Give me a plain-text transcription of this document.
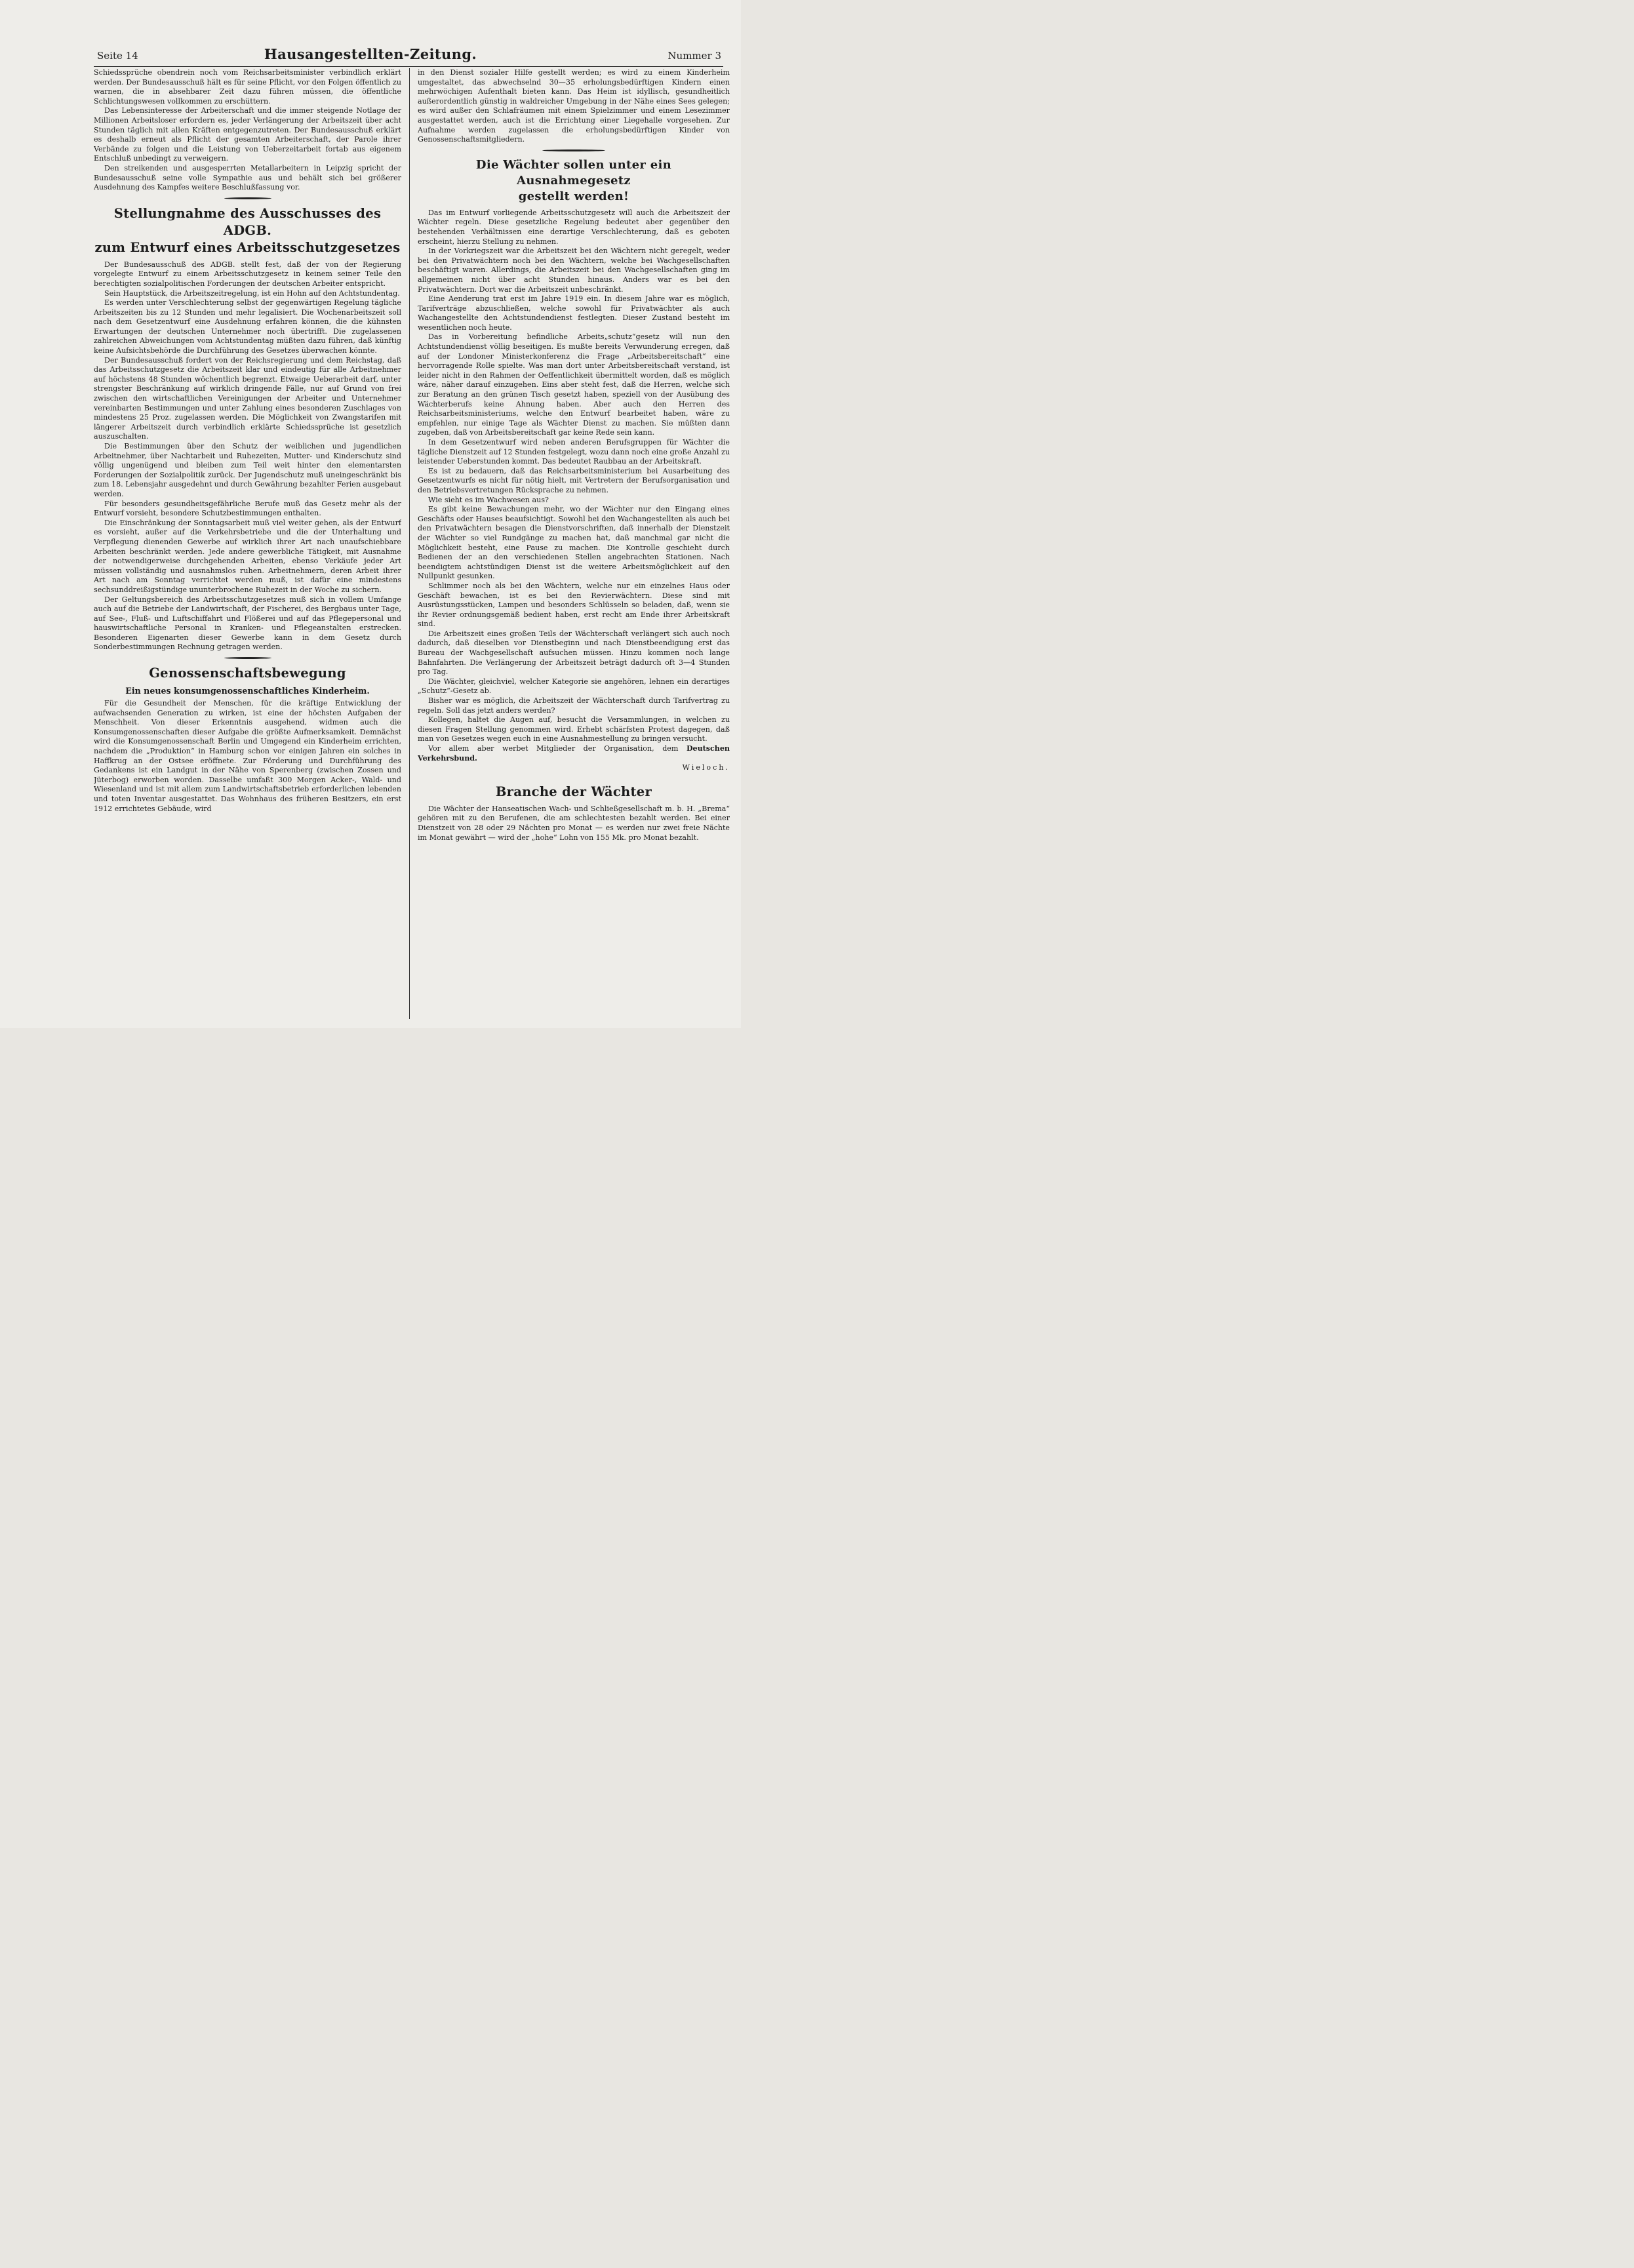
Seite 14	Hausangestellten-Zeitung.	Nummer 3

Schiedssprüche obendrein noch vom Reichsarbeitsminister verbindlich erklärt werden. Der Bundesausschuß hält es für seine Pflicht, vor den Folgen öffentlich zu warnen, die in absehbarer Zeit dazu führen müssen, die öffentliche Schlichtungswesen vollkommen zu erschüttern.

Das Lebensinteresse der Arbeiterschaft und die immer steigende Notlage der Millionen Arbeitsloser erfordern es, jeder Verlängerung der Arbeitszeit über acht Stunden täglich mit allen Kräften entgegenzutreten. Der Bundesausschuß erklärt es deshalb erneut als Pflicht der gesamten Arbeiterschaft, der Parole ihrer Verbände zu folgen und die Leistung von Ueberzeitarbeit fortab aus eigenem Entschluß unbedingt zu verweigern.

Den streikenden und ausgesperrten Metallarbeitern in Leipzig spricht der Bundesausschuß seine volle Sympathie aus und behält sich bei größerer Ausdehnung des Kampfes weitere Beschlußfassung vor.

Stellungnahme des Ausschusses des ADGB.
zum Entwurf eines Arbeitsschutzgesetzes

Der Bundesausschuß des ADGB. stellt fest, daß der von der Regierung vorgelegte Entwurf zu einem Arbeitsschutzgesetz in keinem seiner Teile den berechtigten sozialpolitischen Forderungen der deutschen Arbeiter entspricht.

Sein Hauptstück, die Arbeitszeitregelung, ist ein Hohn auf den Achtstundentag.

Es werden unter Verschlechterung selbst der gegenwärtigen Regelung tägliche Arbeitszeiten bis zu 12 Stunden und mehr legalisiert. Die Wochenarbeitszeit soll nach dem Gesetzentwurf eine Ausdehnung erfahren können, die die kühnsten Erwartungen der deutschen Unternehmer noch übertrifft. Die zugelassenen zahlreichen Abweichungen vom Achtstundentag müßten dazu führen, daß künftig keine Aufsichtsbehörde die Durchführung des Gesetzes überwachen könnte.

Der Bundesausschuß fordert von der Reichsregierung und dem Reichstag, daß das Arbeitsschutzgesetz die Arbeitszeit klar und eindeutig für alle Arbeitnehmer auf höchstens 48 Stunden wöchentlich begrenzt. Etwaige Ueberarbeit darf, unter strengster Beschränkung auf wirklich dringende Fälle, nur auf Grund von frei zwischen den wirtschaftlichen Vereinigungen der Arbeiter und Unternehmer vereinbarten Bestimmungen und unter Zahlung eines besonderen Zuschlages von mindestens 25 Proz. zugelassen werden. Die Möglichkeit von Zwangstarifen mit längerer Arbeitszeit durch verbindlich erklärte Schiedssprüche ist gesetzlich auszuschalten.

Die Bestimmungen über den Schutz der weiblichen und jugendlichen Arbeitnehmer, über Nachtarbeit und Ruhezeiten, Mutter- und Kinderschutz sind völlig ungenügend und bleiben zum Teil weit hinter den elementarsten Forderungen der Sozialpolitik zurück. Der Jugendschutz muß uneingeschränkt bis zum 18. Lebensjahr ausgedehnt und durch Gewährung bezahlter Ferien ausgebaut werden.

Für besonders gesundheitsgefährliche Berufe muß das Gesetz mehr als der Entwurf vorsieht, besondere Schutzbestimmungen enthalten.

Die Einschränkung der Sonntagsarbeit muß viel weiter gehen, als der Entwurf es vorsieht, außer auf die Verkehrsbetriebe und die der Unterhaltung und Verpflegung dienenden Gewerbe auf wirklich ihrer Art nach unaufschiebbare Arbeiten beschränkt werden. Jede andere gewerbliche Tätigkeit, mit Ausnahme der notwendigerweise durchgehenden Arbeiten, ebenso Verkäufe jeder Art müssen vollständig und ausnahmslos ruhen. Arbeitnehmern, deren Arbeit ihrer Art nach am Sonntag verrichtet werden muß, ist dafür eine mindestens sechsunddreißigstündige ununterbrochene Ruhezeit in der Woche zu sichern.

Der Geltungsbereich des Arbeitsschutzgesetzes muß sich in vollem Umfange auch auf die Betriebe der Landwirtschaft, der Fischerei, des Bergbaus unter Tage, auf See-, Fluß- und Luftschiffahrt und Flößerei und auf das Pflegepersonal und hauswirtschaftliche Personal in Kranken- und Pflegeanstalten erstrecken. Besonderen Eigenarten dieser Gewerbe kann in dem Gesetz durch Sonderbestimmungen Rechnung getragen werden.

Genossenschaftsbewegung
Ein neues konsumgenossenschaftliches Kinderheim.

Für die Gesundheit der Menschen, für die kräftige Entwicklung der aufwachsenden Generation zu wirken, ist eine der höchsten Aufgaben der Menschheit. Von dieser Erkenntnis ausgehend, widmen auch die Konsumgenossenschaften dieser Aufgabe die größte Aufmerksamkeit. Demnächst wird die Konsumgenossenschaft Berlin und Umgegend ein Kinderheim errichten, nachdem die „Produktion“ in Hamburg schon vor einigen Jahren ein solches in Haffkrug an der Ostsee eröffnete. Zur Förderung und Durchführung des Gedankens ist ein Landgut in der Nähe von Sperenberg (zwischen Zossen und Jüterbog) erworben worden. Dasselbe umfaßt 300 Morgen Acker-, Wald- und Wiesenland und ist mit allem zum Landwirtschaftsbetrieb erforderlichen lebenden und toten Inventar ausgestattet. Das Wohnhaus des früheren Besitzers, ein erst 1912 errichtetes Gebäude, wird

in den Dienst sozialer Hilfe gestellt werden; es wird zu einem Kinderheim umgestaltet, das abwechselnd 30—35 erholungsbedürftigen Kindern einen mehrwöchigen Aufenthalt bieten kann. Das Heim ist idyllisch, gesundheitlich außerordentlich günstig in waldreicher Umgebung in der Nähe eines Sees gelegen; es wird außer den Schlafräumen mit einem Spielzimmer und einem Lesezimmer ausgestattet werden, auch ist die Errichtung einer Liegehalle vorgesehen. Zur Aufnahme werden zugelassen die erholungsbedürftigen Kinder von Genossenschaftsmitgliedern.

Die Wächter sollen unter ein Ausnahmegesetz
gestellt werden!

Das im Entwurf vorliegende Arbeitsschutzgesetz will auch die Arbeitszeit der Wächter regeln. Diese gesetzliche Regelung bedeutet aber gegenüber den bestehenden Verhältnissen eine derartige Verschlechterung, daß es geboten erscheint, hierzu Stellung zu nehmen.

In der Vorkriegszeit war die Arbeitszeit bei den Wächtern nicht geregelt, weder bei den Privatwächtern noch bei den Wächtern, welche bei Wachgesellschaften beschäftigt waren. Allerdings, die Arbeitszeit bei den Wachgesellschaften ging im allgemeinen nicht über acht Stunden hinaus. Anders war es bei den Privatwächtern. Dort war die Arbeitszeit unbeschränkt.

Eine Aenderung trat erst im Jahre 1919 ein. In diesem Jahre war es möglich, Tarifverträge abzuschließen, welche sowohl für Privatwächter als auch Wachangestellte den Achtstundendienst festlegten. Dieser Zustand besteht im wesentlichen noch heute.

Das in Vorbereitung befindliche Arbeits„schutz“gesetz will nun den Achtstundendienst völlig beseitigen. Es mußte bereits Verwunderung erregen, daß auf der Londoner Ministerkonferenz die Frage „Arbeitsbereitschaft“ eine hervorragende Rolle spielte. Was man dort unter Arbeitsbereitschaft verstand, ist leider nicht in den Rahmen der Oeffentlichkeit übermittelt worden, daß es möglich wäre, näher darauf einzugehen. Eins aber steht fest, daß die Herren, welche sich zur Beratung an den grünen Tisch gesetzt haben, speziell von der Ausübung des Wächterberufs keine Ahnung haben. Aber auch den Herren des Reichsarbeitsministeriums, welche den Entwurf bearbeitet haben, wäre zu empfehlen, nur einige Tage als Wächter Dienst zu machen. Sie müßten dann zugeben, daß von Arbeitsbereitschaft gar keine Rede sein kann.

In dem Gesetzentwurf wird neben anderen Berufsgruppen für Wächter die tägliche Dienstzeit auf 12 Stunden festgelegt, wozu dann noch eine große Anzahl zu leistender Ueberstunden kommt. Das bedeutet Raubbau an der Arbeitskraft.

Es ist zu bedauern, daß das Reichsarbeitsministerium bei Ausarbeitung des Gesetzentwurfs es nicht für nötig hielt, mit Vertretern der Berufsorganisation und den Betriebsvertretungen Rücksprache zu nehmen.

Wie sieht es im Wachwesen aus?

Es gibt keine Bewachungen mehr, wo der Wächter nur den Eingang eines Geschäfts oder Hauses beaufsichtigt. Sowohl bei den Wachangestellten als auch bei den Privatwächtern besagen die Dienstvorschriften, daß innerhalb der Dienstzeit der Wächter so viel Rundgänge zu machen hat, daß manchmal gar nicht die Möglichkeit besteht, eine Pause zu machen. Die Kontrolle geschieht durch Bedienen der an den verschiedenen Stellen angebrachten Stationen. Nach beendigtem achtstündigen Dienst ist die weitere Arbeitsmöglichkeit auf den Nullpunkt gesunken.

Schlimmer noch als bei den Wächtern, welche nur ein einzelnes Haus oder Geschäft bewachen, ist es bei den Revierwächtern. Diese sind mit Ausrüstungsstücken, Lampen und besonders Schlüsseln so beladen, daß, wenn sie ihr Revier ordnungsgemäß bedient haben, erst recht am Ende ihrer Arbeitskraft sind.

Die Arbeitszeit eines großen Teils der Wächterschaft verlängert sich auch noch dadurch, daß dieselben vor Dienstbeginn und nach Dienstbeendigung erst das Bureau der Wachgesellschaft aufsuchen müssen. Hinzu kommen noch lange Bahnfahrten. Die Verlängerung der Arbeitszeit beträgt dadurch oft 3—4 Stunden pro Tag.

Die Wächter, gleichviel, welcher Kategorie sie angehören, lehnen ein derartiges „Schutz“-Gesetz ab.

Bisher war es möglich, die Arbeitszeit der Wächterschaft durch Tarifvertrag zu regeln. Soll das jetzt anders werden?

Kollegen, haltet die Augen auf, besucht die Versammlungen, in welchen zu diesen Fragen Stellung genommen wird. Erhebt schärfsten Protest dagegen, daß man von Gesetzes wegen euch in eine Ausnahmestellung zu bringen versucht.

Vor allem aber werbet Mitglieder der Organisation, dem Deutschen Verkehrsbund.

Wieloch.

Branche der Wächter

Die Wächter der Hanseatischen Wach- und Schließgesellschaft m. b. H. „Brema“ gehören mit zu den Berufenen, die am schlechtesten bezahlt werden. Bei einer Dienstzeit von 28 oder 29 Nächten pro Monat — es werden nur zwei freie Nächte im Monat gewährt — wird der „hohe“ Lohn von 155 Mk. pro Monat bezahlt.
